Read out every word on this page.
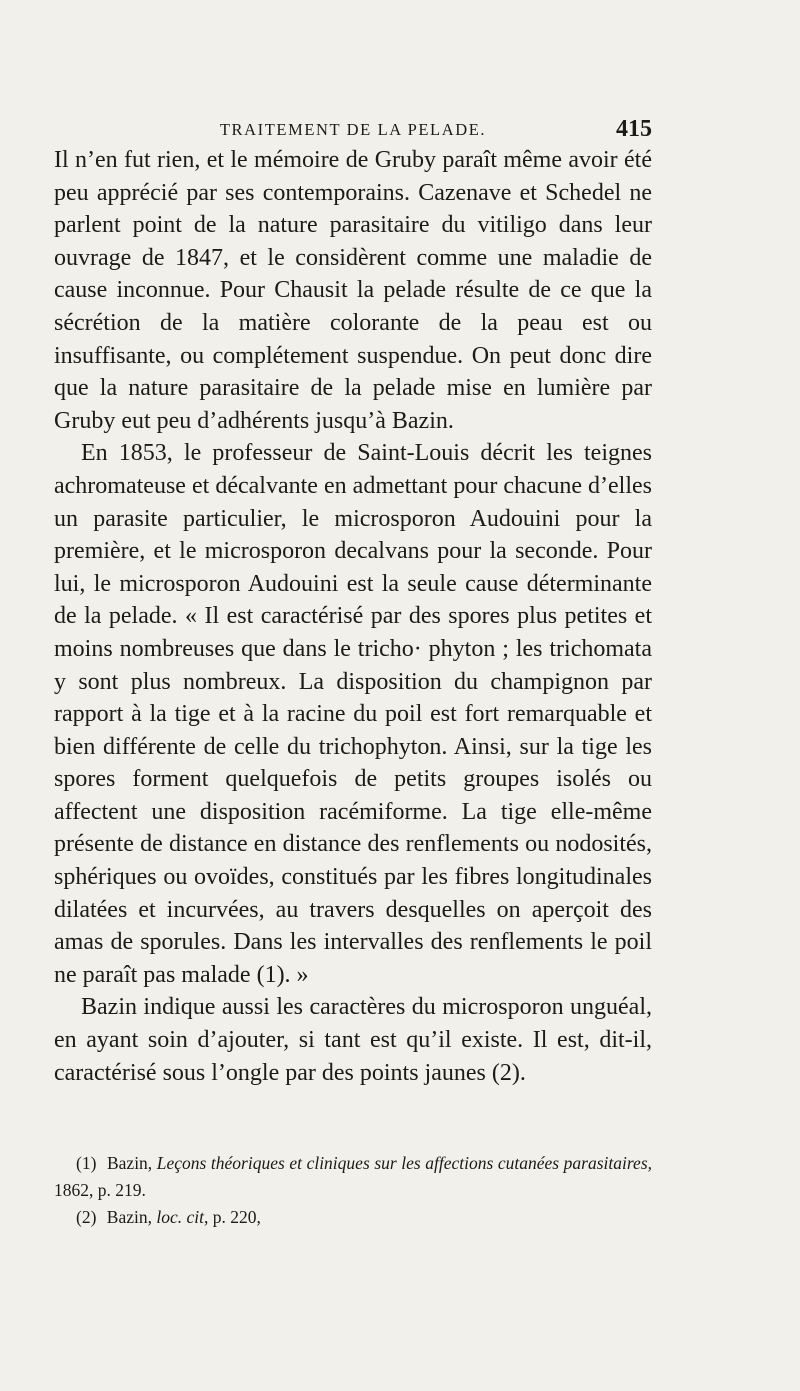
TRAITEMENT DE LA PELADE.	415

Il n’en fut rien, et le mémoire de Gruby paraît même avoir été peu apprécié par ses contemporains. Cazenave et Schedel ne parlent point de la nature parasitaire du vitiligo dans leur ouvrage de 1847, et le considèrent comme une maladie de cause inconnue. Pour Chausit la pelade résulte de ce que la sécrétion de la matière colorante de la peau est ou insuffisante, ou complétement suspendue. On peut donc dire que la nature parasitaire de la pelade mise en lumière par Gruby eut peu d’adhérents jusqu’à Bazin.

En 1853, le professeur de Saint-Louis décrit les teignes achromateuse et décalvante en admettant pour chacune d’elles un parasite particulier, le microsporon Audouini pour la première, et le microsporon decalvans pour la seconde. Pour lui, le microsporon Audouini est la seule cause déterminante de la pelade. « Il est caractérisé par des spores plus petites et moins nombreuses que dans le tricho· phyton ; les trichomata y sont plus nombreux. La disposition du champignon par rapport à la tige et à la racine du poil est fort remarquable et bien différente de celle du trichophyton. Ainsi, sur la tige les spores forment quelquefois de petits groupes isolés ou affectent une disposition racémiforme. La tige elle-même présente de distance en distance des renflements ou nodosités, sphériques ou ovoïdes, constitués par les fibres longitudinales dilatées et incurvées, au travers desquelles on aperçoit des amas de sporules. Dans les intervalles des renflements le poil ne paraît pas malade (1). »

Bazin indique aussi les caractères du microsporon unguéal, en ayant soin d’ajouter, si tant est qu’il existe. Il est, dit-il, caractérisé sous l’ongle par des points jaunes (2).

(1) Bazin, Leçons théoriques et cliniques sur les affections cutanées parasitaires, 1862, p. 219.

(2) Bazin, loc. cit, p. 220,
